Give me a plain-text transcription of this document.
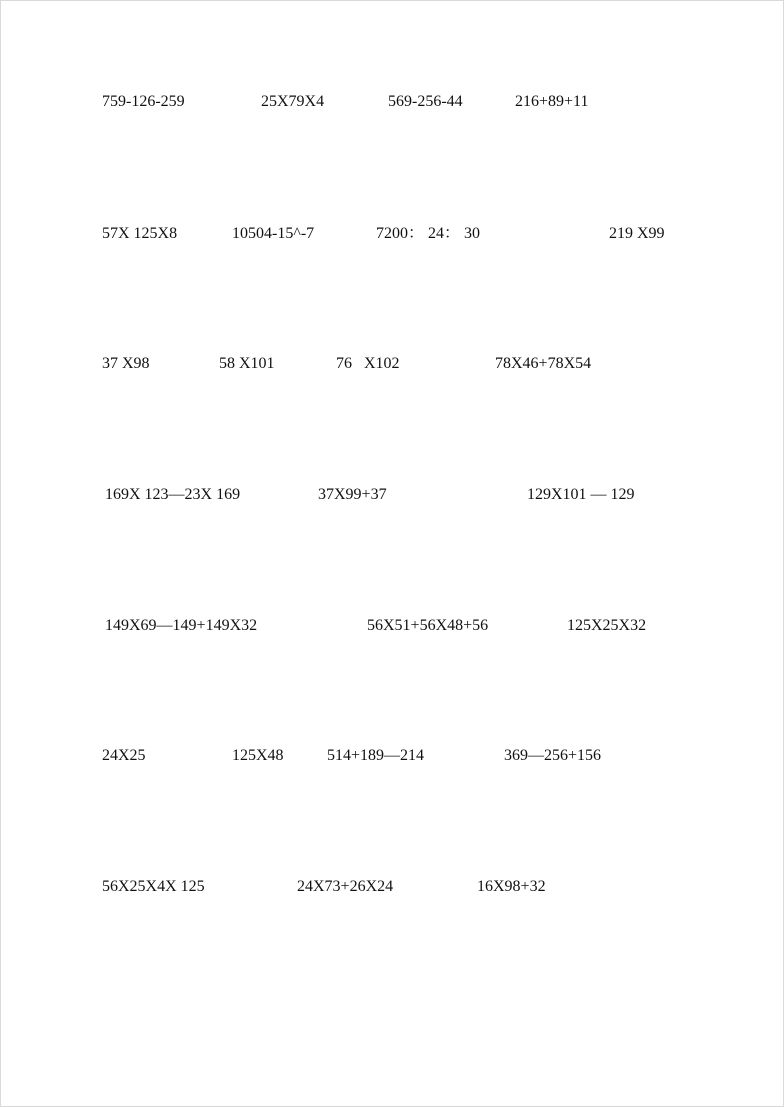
759-126-259	25X79X4	569-256-44	216+89+11
57X 125X8	10504-15^-7	7200： 24： 30	219 X99
37 X98	58 X101	76   X102	78X46+78X54
169X 123—23X 169	37X99+37	129X101 — 129
149X69—149+149X32	56X51+56X48+56	125X25X32
24X25	125X48	514+189—214	369—256+156
56X25X4X 125	24X73+26X24	16X98+32
